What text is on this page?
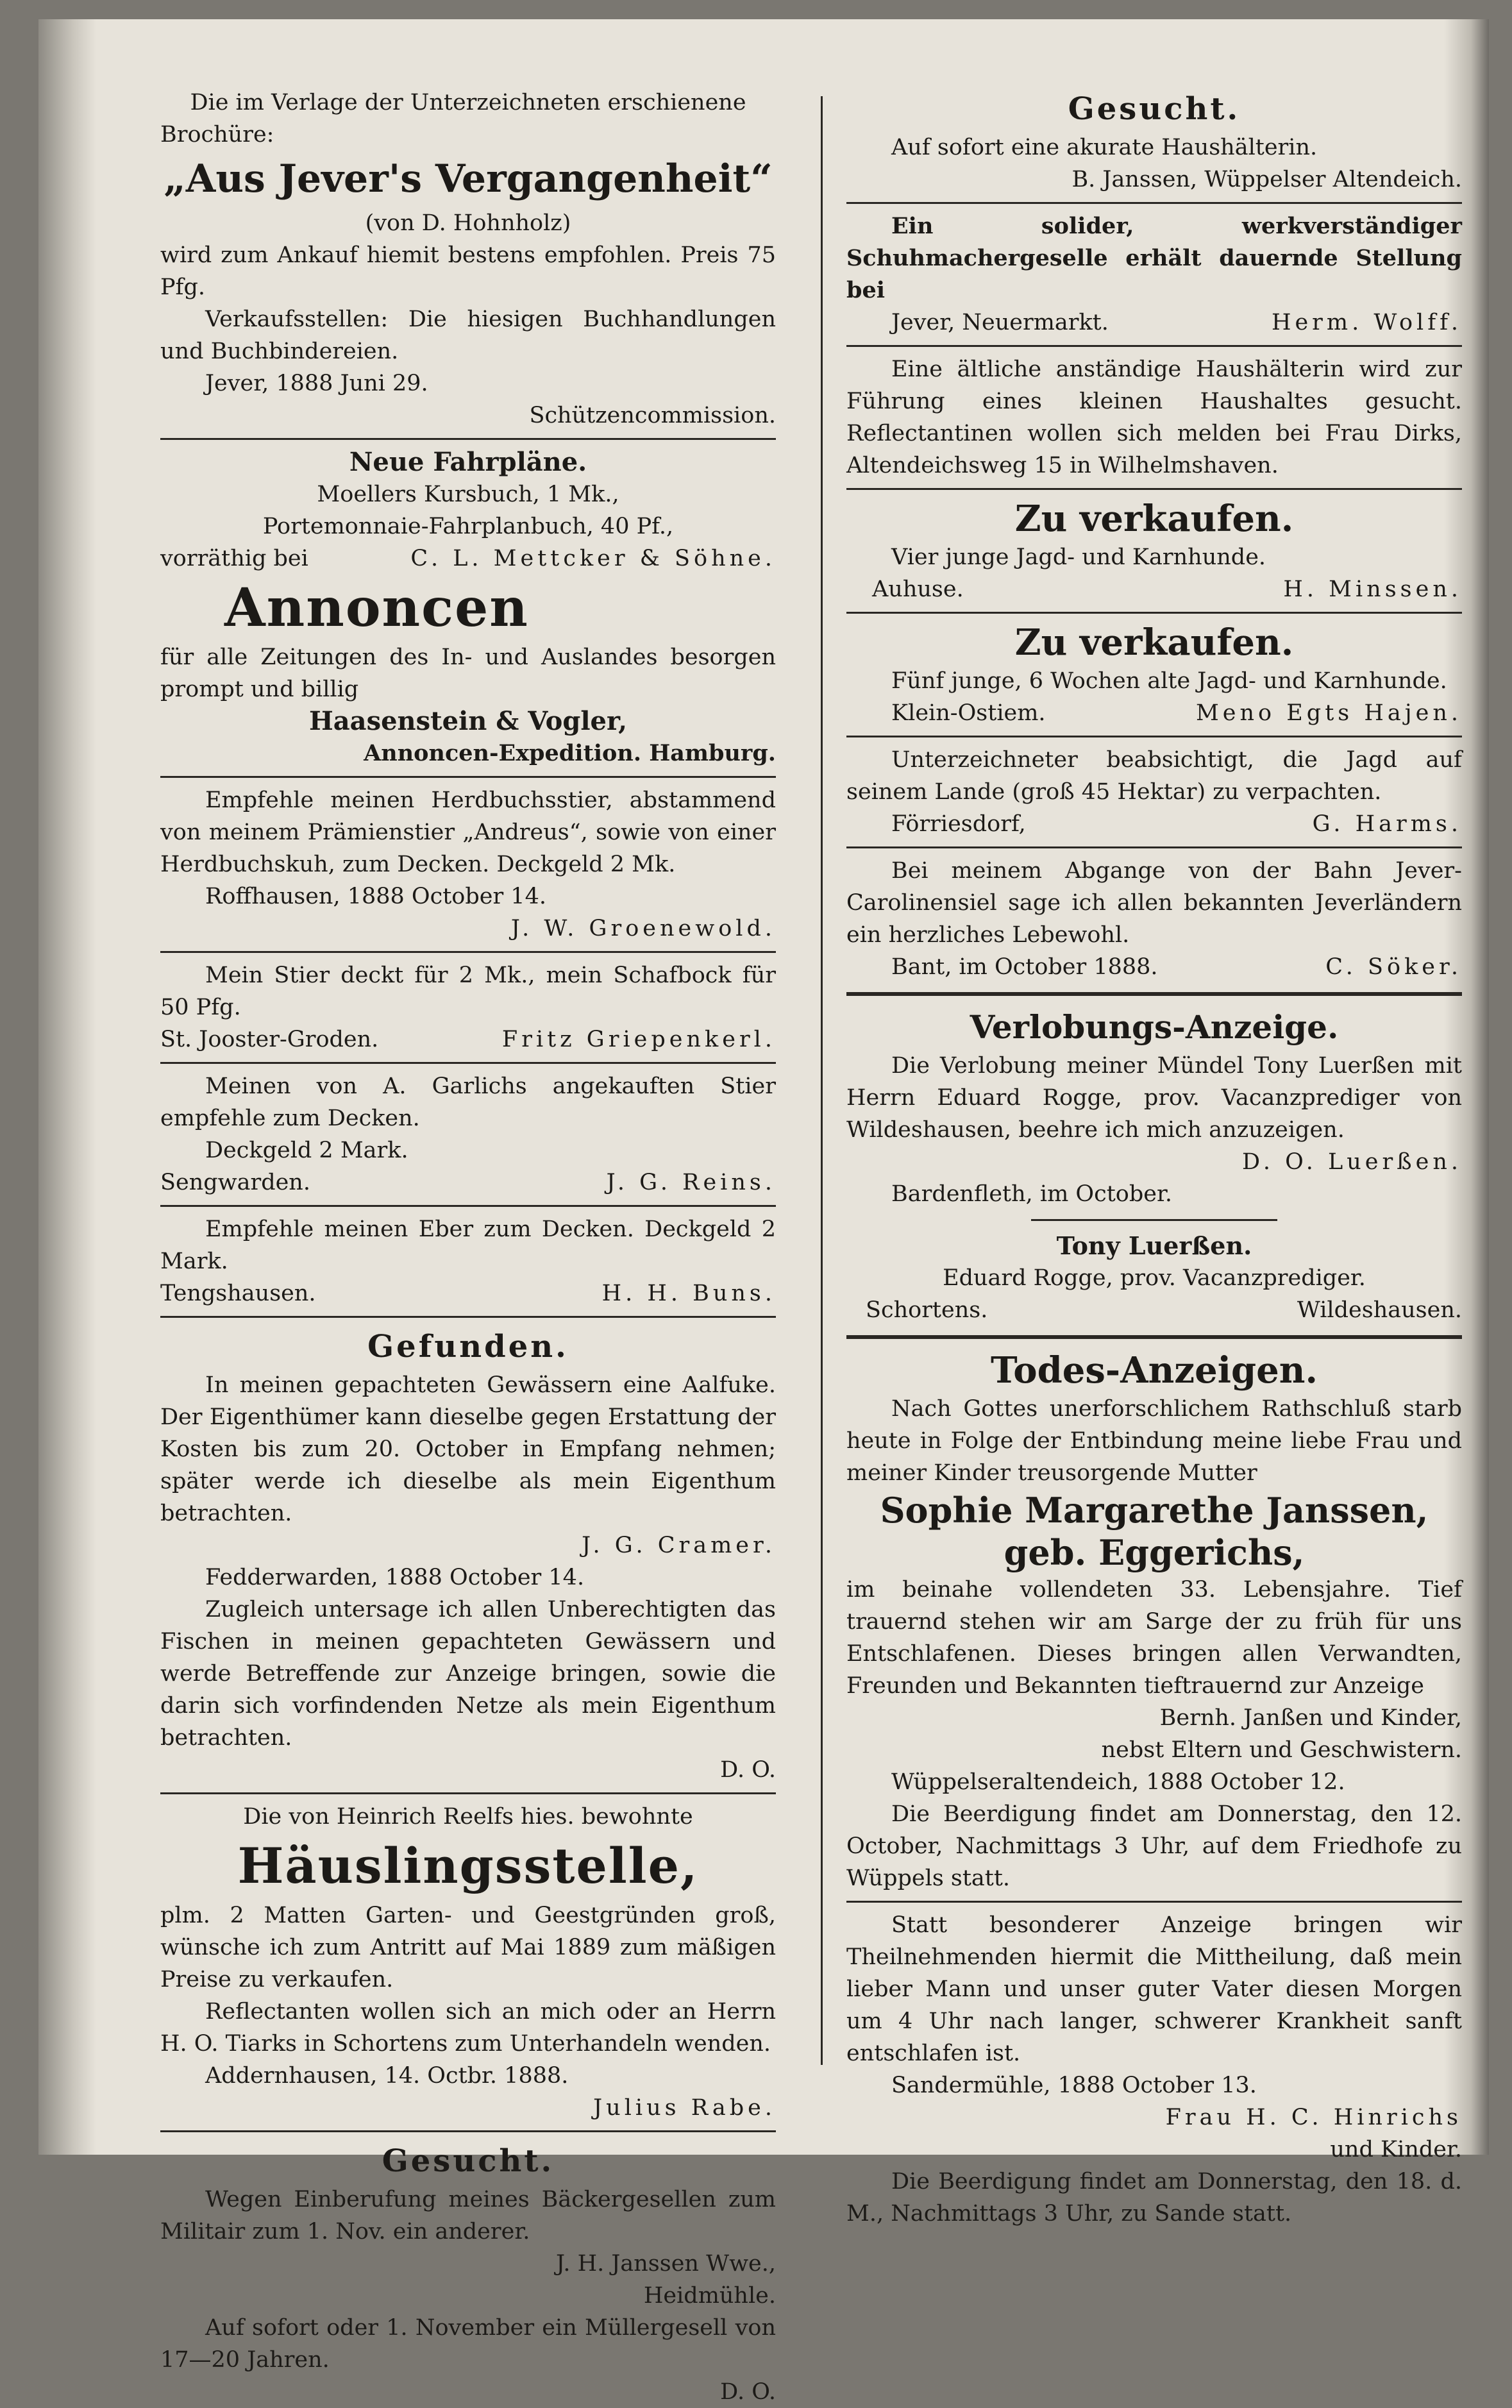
Die im Verlage der Unterzeichneten erschienene

Brochüre:

„Aus Jever's Vergangenheit“

(von D. Hohnholz)

wird zum Ankauf hiemit bestens empfohlen. Preis 75 Pfg.

Verkaufsstellen: Die hiesigen Buchhandlungen und Buchbindereien.

Jever, 1888 Juni 29.

Schützencommission.

Neue Fahrpläne.

Moellers Kursbuch, 1 Mk.,

Portemonnaie-Fahrplanbuch, 40 Pf.,

vorräthig bei	C. L. Mettcker & Söhne.

Annoncen

für alle Zeitungen des In- und Auslandes besorgen prompt und billig

Haasenstein & Vogler,

Annoncen-Expedition. Hamburg.

Empfehle meinen Herdbuchsstier, abstammend von meinem Prämienstier „Andreus“, sowie von einer Herdbuchskuh, zum Decken. Deckgeld 2 Mk.

Roffhausen, 1888 October 14.

J. W. Groenewold.

Mein Stier deckt für 2 Mk., mein Schafbock für 50 Pfg.

St. Jooster-Groden.	Fritz Griepenkerl.

Meinen von A. Garlichs angekauften Stier empfehle zum Decken.

Deckgeld 2 Mark.

Sengwarden.	J. G. Reins.

Empfehle meinen Eber zum Decken. Deckgeld 2 Mark.

Tengshausen.	H. H. Buns.

Gefunden.

In meinen gepachteten Gewässern eine Aalfuke. Der Eigenthümer kann dieselbe gegen Erstattung der Kosten bis zum 20. October in Empfang nehmen; später werde ich dieselbe als mein Eigenthum betrachten.

J. G. Cramer.

Fedderwarden, 1888 October 14.

Zugleich untersage ich allen Unberechtigten das Fischen in meinen gepachteten Gewässern und werde Betreffende zur Anzeige bringen, sowie die darin sich vorfindenden Netze als mein Eigenthum betrachten.

D. O.

Die von Heinrich Reelfs hies. bewohnte

Häuslingsstelle,

plm. 2 Matten Garten- und Geestgründen groß, wünsche ich zum Antritt auf Mai 1889 zum mäßigen Preise zu verkaufen.

Reflectanten wollen sich an mich oder an Herrn H. O. Tiarks in Schortens zum Unterhandeln wenden.

Addernhausen, 14. Octbr. 1888.

Julius Rabe.

Gesucht.

Wegen Einberufung meines Bäckergesellen zum Militair zum 1. Nov. ein anderer.

J. H. Janssen Wwe.,

Heidmühle.

Auf sofort oder 1. November ein Müllergesell von 17—20 Jahren.

D. O.

Gesucht.

Auf sofort eine akurate Haushälterin.

B. Janssen, Wüppelser Altendeich.

Ein solider, werkverständiger Schuhmachergeselle erhält dauernde Stellung bei

Jever, Neuermarkt.	Herm. Wolff.

Eine ältliche anständige Haushälterin wird zur Führung eines kleinen Haushaltes gesucht. Reflectantinen wollen sich melden bei Frau Dirks, Altendeichsweg 15 in Wilhelmshaven.

Zu verkaufen.

Vier junge Jagd- und Karnhunde.

Auhuse.	H. Minssen.

Zu verkaufen.

Fünf junge, 6 Wochen alte Jagd- und Karnhunde.

Klein-Ostiem.	Meno Egts Hajen.

Unterzeichneter beabsichtigt, die Jagd auf seinem Lande (groß 45 Hektar) zu verpachten.

Förriesdorf,	G. Harms.

Bei meinem Abgange von der Bahn Jever-Carolinensiel sage ich allen bekannten Jeverländern ein herzliches Lebewohl.

Bant, im October 1888.	C. Söker.

Verlobungs-Anzeige.

Die Verlobung meiner Mündel Tony Luerßen mit Herrn Eduard Rogge, prov. Vacanzprediger von Wildeshausen, beehre ich mich anzuzeigen.

D. O. Luerßen.

Bardenfleth, im October.

Tony Luerßen.

Eduard Rogge, prov. Vacanzprediger.

Schortens.	Wildeshausen.

Todes-Anzeigen.

Nach Gottes unerforschlichem Rathschluß starb heute in Folge der Entbindung meine liebe Frau und meiner Kinder treusorgende Mutter

Sophie Margarethe Janssen,

geb. Eggerichs,

im beinahe vollendeten 33. Lebensjahre. Tief trauernd stehen wir am Sarge der zu früh für uns Entschlafenen. Dieses bringen allen Verwandten, Freunden und Bekannten tieftrauernd zur Anzeige

Bernh. Janßen und Kinder,

nebst Eltern und Geschwistern.

Wüppelseraltendeich, 1888 October 12.

Die Beerdigung findet am Donnerstag, den 12. October, Nachmittags 3 Uhr, auf dem Friedhofe zu Wüppels statt.

Statt besonderer Anzeige bringen wir Theilnehmenden hiermit die Mittheilung, daß mein lieber Mann und unser guter Vater diesen Morgen um 4 Uhr nach langer, schwerer Krankheit sanft entschlafen ist.

Sandermühle, 1888 October 13.

Frau H. C. Hinrichs

und Kinder.

Die Beerdigung findet am Donnerstag, den 18. d. M., Nachmittags 3 Uhr, zu Sande statt.
